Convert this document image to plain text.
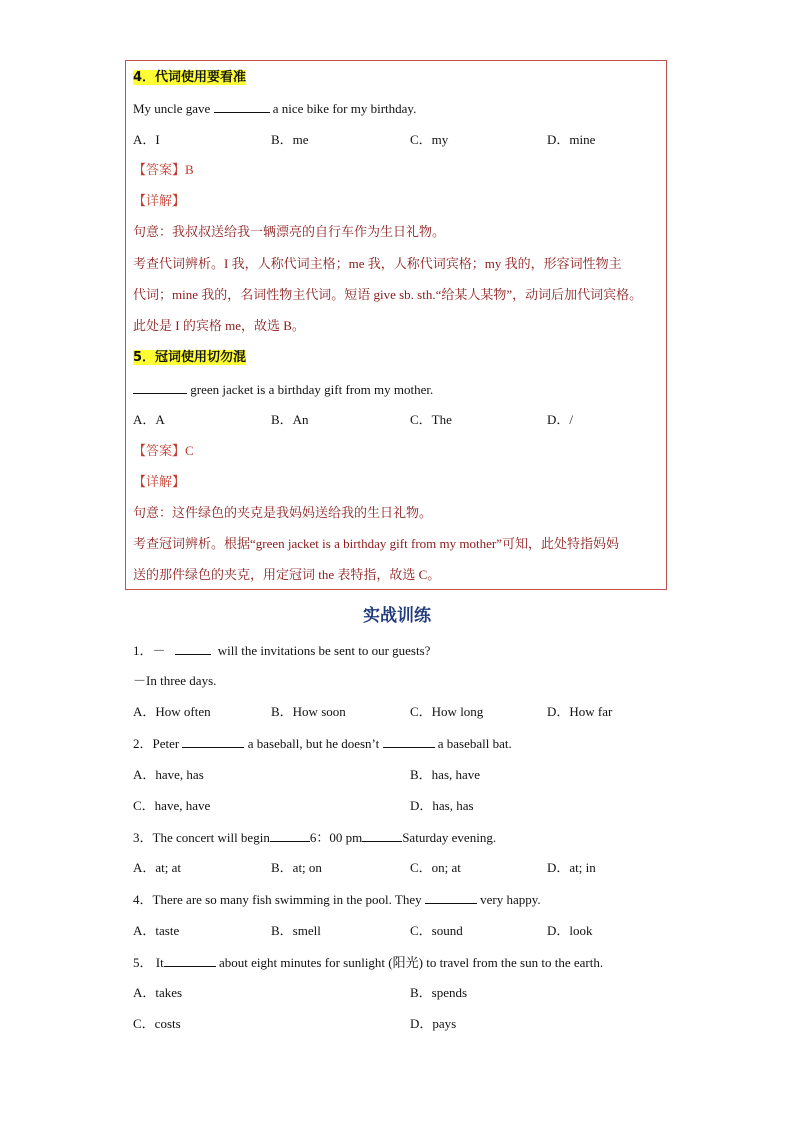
4．代词使用要看准
My uncle gave	a nice bike for my birthday.
A．I	B．me	C．my	D．mine
【答案】B
【详解】
句意：我叔叔送给我一辆漂亮的自行车作为生日礼物。
考查代词辨析。I 我，人称代词主格；me 我，人称代词宾格；my 我的，形容词性物主
代词；mine 我的，名词性物主代词。短语 give sb. sth.“给某人某物”，动词后加代词宾格。
此处是 I 的宾格 me，故选 B。
5．冠词使用切勿混
green jacket is a birthday gift from my mother.
A．A	B．An	C．The	D．/
【答案】C
【详解】
句意：这件绿色的夹克是我妈妈送给我的生日礼物。
考查冠词辨析。根据“green jacket is a birthday gift from my mother”可知，此处特指妈妈
送的那件绿色的夹克，用定冠词 the 表特指，故选 C。
实战训练
1．－	will the invitations be sent to our guests?
－In three days.
A．How often	B．How soon	C．How long	D．How far
2．Peter	a baseball, but he doesn’t	a baseball bat.
A．have, has	B．has, have
C．have, have	D．has, has
3．The concert will begin	6：00 pm	Saturday evening.
A．at; at	B．at; on	C．on; at	D．at; in
4．There are so many fish swimming in the pool. They	very happy.
A．taste	B．smell	C．sound	D．look
5． It	about eight minutes for sunlight (阳光) to travel from the sun to the earth.
A．takes	B．spends
C．costs	D．pays
